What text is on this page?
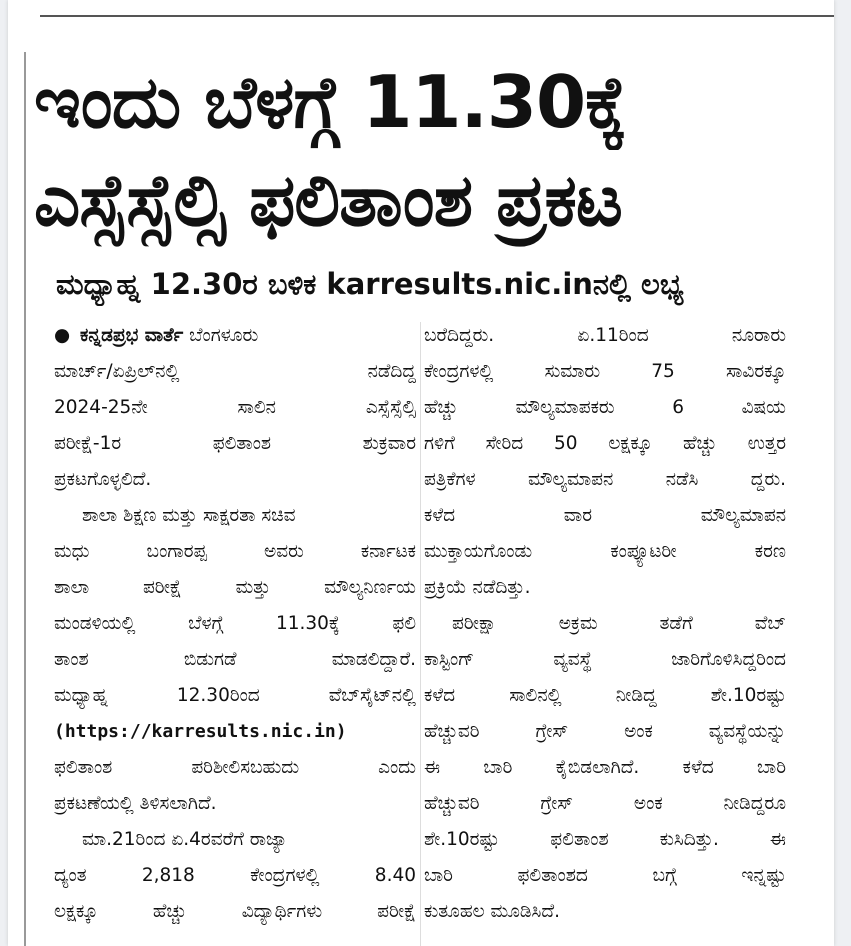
ಇಂದು ಬೆಳಗ್ಗೆ 11.30ಕ್ಕೆ
ಎಸ್ಸೆಸ್ಸೆಲ್ಸಿ ಫಲಿತಾಂಶ ಪ್ರಕಟ
ಮಧ್ಯಾಹ್ನ 12.30ರ ಬಳಿಕ karresults.nic.inನಲ್ಲಿ ಲಭ್ಯ
● ಕನ್ನಡಪ್ರಭ ವಾರ್ತೆ ಬೆಂಗಳೂರು
ಮಾರ್ಚ್/ಏಪ್ರಿಲ್‌ನಲ್ಲಿ ನಡೆದಿದ್ದ
2024-25ನೇ ಸಾಲಿನ ಎಸ್ಸೆಸ್ಸೆಲ್ಸಿ
ಪರೀಕ್ಷೆ-1ರ ಫಲಿತಾಂಶ ಶುಕ್ರವಾರ
ಪ್ರಕಟಗೊಳ್ಳಲಿದೆ.
ಶಾಲಾ ಶಿಕ್ಷಣ ಮತ್ತು ಸಾಕ್ಷರತಾ ಸಚಿವ
ಮಧು ಬಂಗಾರಪ್ಪ ಅವರು ಕರ್ನಾಟಕ
ಶಾಲಾ ಪರೀಕ್ಷೆ ಮತ್ತು ಮೌಲ್ಯನಿರ್ಣಯ
ಮಂಡಳಿಯಲ್ಲಿ ಬೆಳಗ್ಗೆ 11.30ಕ್ಕೆ ಫಲಿ
ತಾಂಶ ಬಿಡುಗಡೆ ಮಾಡಲಿದ್ದಾರೆ.
ಮಧ್ಯಾಹ್ನ 12.30ರಿಂದ ವೆಬ್‌ಸೈಟ್‌ನಲ್ಲಿ
(https://karresults.nic.in)
ಫಲಿತಾಂಶ ಪರಿಶೀಲಿಸಬಹುದು ಎಂದು
ಪ್ರಕಟಣೆಯಲ್ಲಿ ತಿಳಿಸಲಾಗಿದೆ.
ಮಾ.21ರಿಂದ ಏ.4ರವರೆಗೆ ರಾಜ್ಯಾ
ದ್ಯಂತ 2,818 ಕೇಂದ್ರಗಳಲ್ಲಿ 8.40
ಲಕ್ಷಕ್ಕೂ ಹೆಚ್ಚು ವಿದ್ಯಾರ್ಥಿಗಳು ಪರೀಕ್ಷೆ
ಬರೆದಿದ್ದರು. ಏ.11ರಿಂದ ನೂರಾರು
ಕೇಂದ್ರಗಳಲ್ಲಿ ಸುಮಾರು 75 ಸಾವಿರಕ್ಕೂ
ಹೆಚ್ಚು ಮೌಲ್ಯಮಾಪಕರು 6 ವಿಷಯ
ಗಳಿಗೆ ಸೇರಿದ 50 ಲಕ್ಷಕ್ಕೂ ಹೆಚ್ಚು ಉತ್ತರ
ಪತ್ರಿಕೆಗಳ ಮೌಲ್ಯಮಾಪನ ನಡೆಸಿ ದ್ದರು.
ಕಳೆದ ವಾರ ಮೌಲ್ಯಮಾಪನ
ಮುಕ್ತಾಯಗೊಂಡು ಕಂಪ್ಯೂಟರೀ ಕರಣ
ಪ್ರಕ್ರಿಯೆ ನಡೆದಿತ್ತು.
ಪರೀಕ್ಷಾ ಅಕ್ರಮ ತಡೆಗೆ ವೆಬ್
ಕಾಸ್ಟಿಂಗ್ ವ್ಯವಸ್ಥೆ ಜಾರಿಗೊಳಿಸಿದ್ದರಿಂದ
ಕಳೆದ ಸಾಲಿನಲ್ಲಿ ನೀಡಿದ್ದ ಶೇ.10ರಷ್ಟು
ಹೆಚ್ಚುವರಿ ಗ್ರೇಸ್ ಅಂಕ ವ್ಯವಸ್ಥೆಯನ್ನು
ಈ ಬಾರಿ ಕೈಬಿಡಲಾಗಿದೆ. ಕಳೆದ ಬಾರಿ
ಹೆಚ್ಚುವರಿ ಗ್ರೇಸ್ ಅಂಕ ನೀಡಿದ್ದರೂ
ಶೇ.10ರಷ್ಟು ಫಲಿತಾಂಶ ಕುಸಿದಿತ್ತು. ಈ
ಬಾರಿ ಫಲಿತಾಂಶದ ಬಗ್ಗೆ ಇನ್ನಷ್ಟು
ಕುತೂಹಲ ಮೂಡಿಸಿದೆ.
